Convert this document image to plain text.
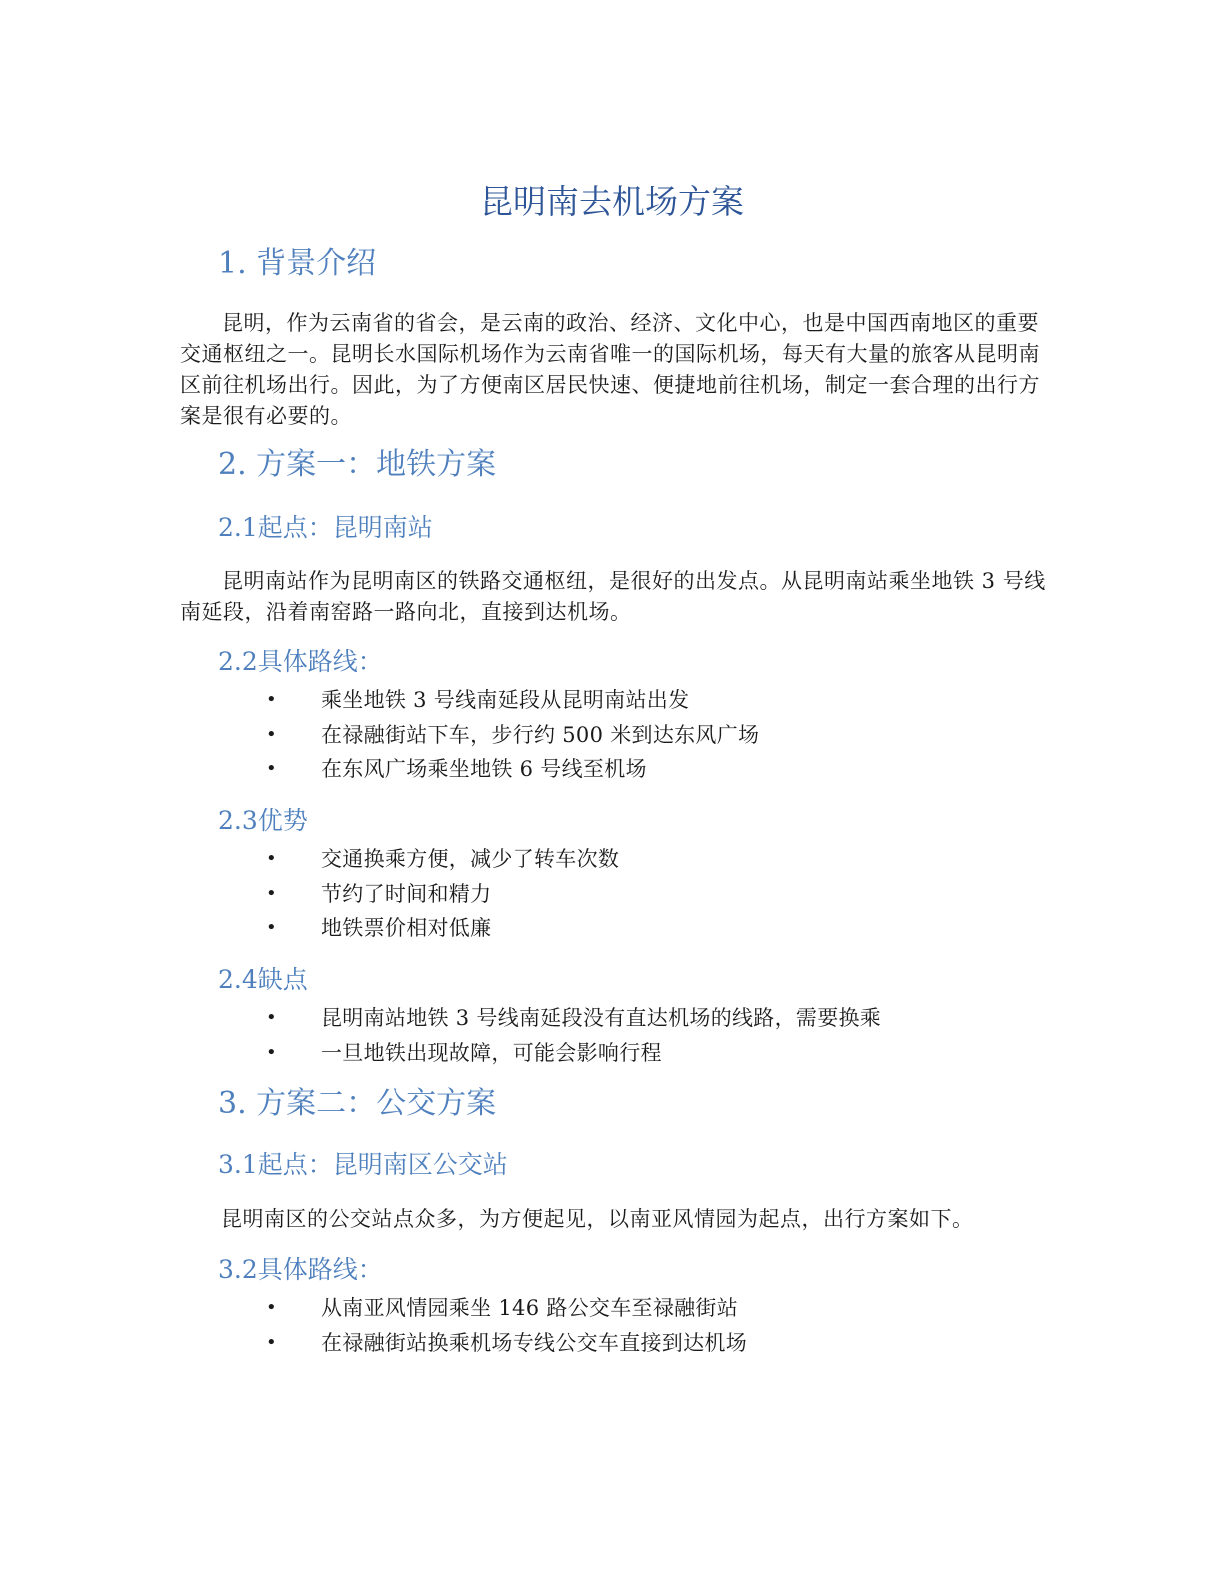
昆明南去机场方案
1. 背景介绍
昆明，作为云南省的省会，是云南的政治、经济、文化中心，也是中国西南地区的重要交通枢纽之一。昆明长水国际机场作为云南省唯一的国际机场，每天有大量的旅客从昆明南区前往机场出行。因此，为了方便南区居民快速、便捷地前往机场，制定一套合理的出行方案是很有必要的。
2. 方案一：地铁方案
2.1起点：昆明南站
昆明南站作为昆明南区的铁路交通枢纽，是很好的出发点。从昆明南站乘坐地铁 3 号线南延段，沿着南窑路一路向北，直接到达机场。
2.2具体路线：
• 乘坐地铁 3 号线南延段从昆明南站出发
• 在禄融街站下车，步行约 500 米到达东风广场
• 在东风广场乘坐地铁 6 号线至机场
2.3优势
• 交通换乘方便，减少了转车次数
• 节约了时间和精力
• 地铁票价相对低廉
2.4缺点
• 昆明南站地铁 3 号线南延段没有直达机场的线路，需要换乘
• 一旦地铁出现故障，可能会影响行程
3. 方案二：公交方案
3.1起点：昆明南区公交站
昆明南区的公交站点众多，为方便起见，以南亚风情园为起点，出行方案如下。
3.2具体路线：
• 从南亚风情园乘坐 146 路公交车至禄融街站
• 在禄融街站换乘机场专线公交车直接到达机场
